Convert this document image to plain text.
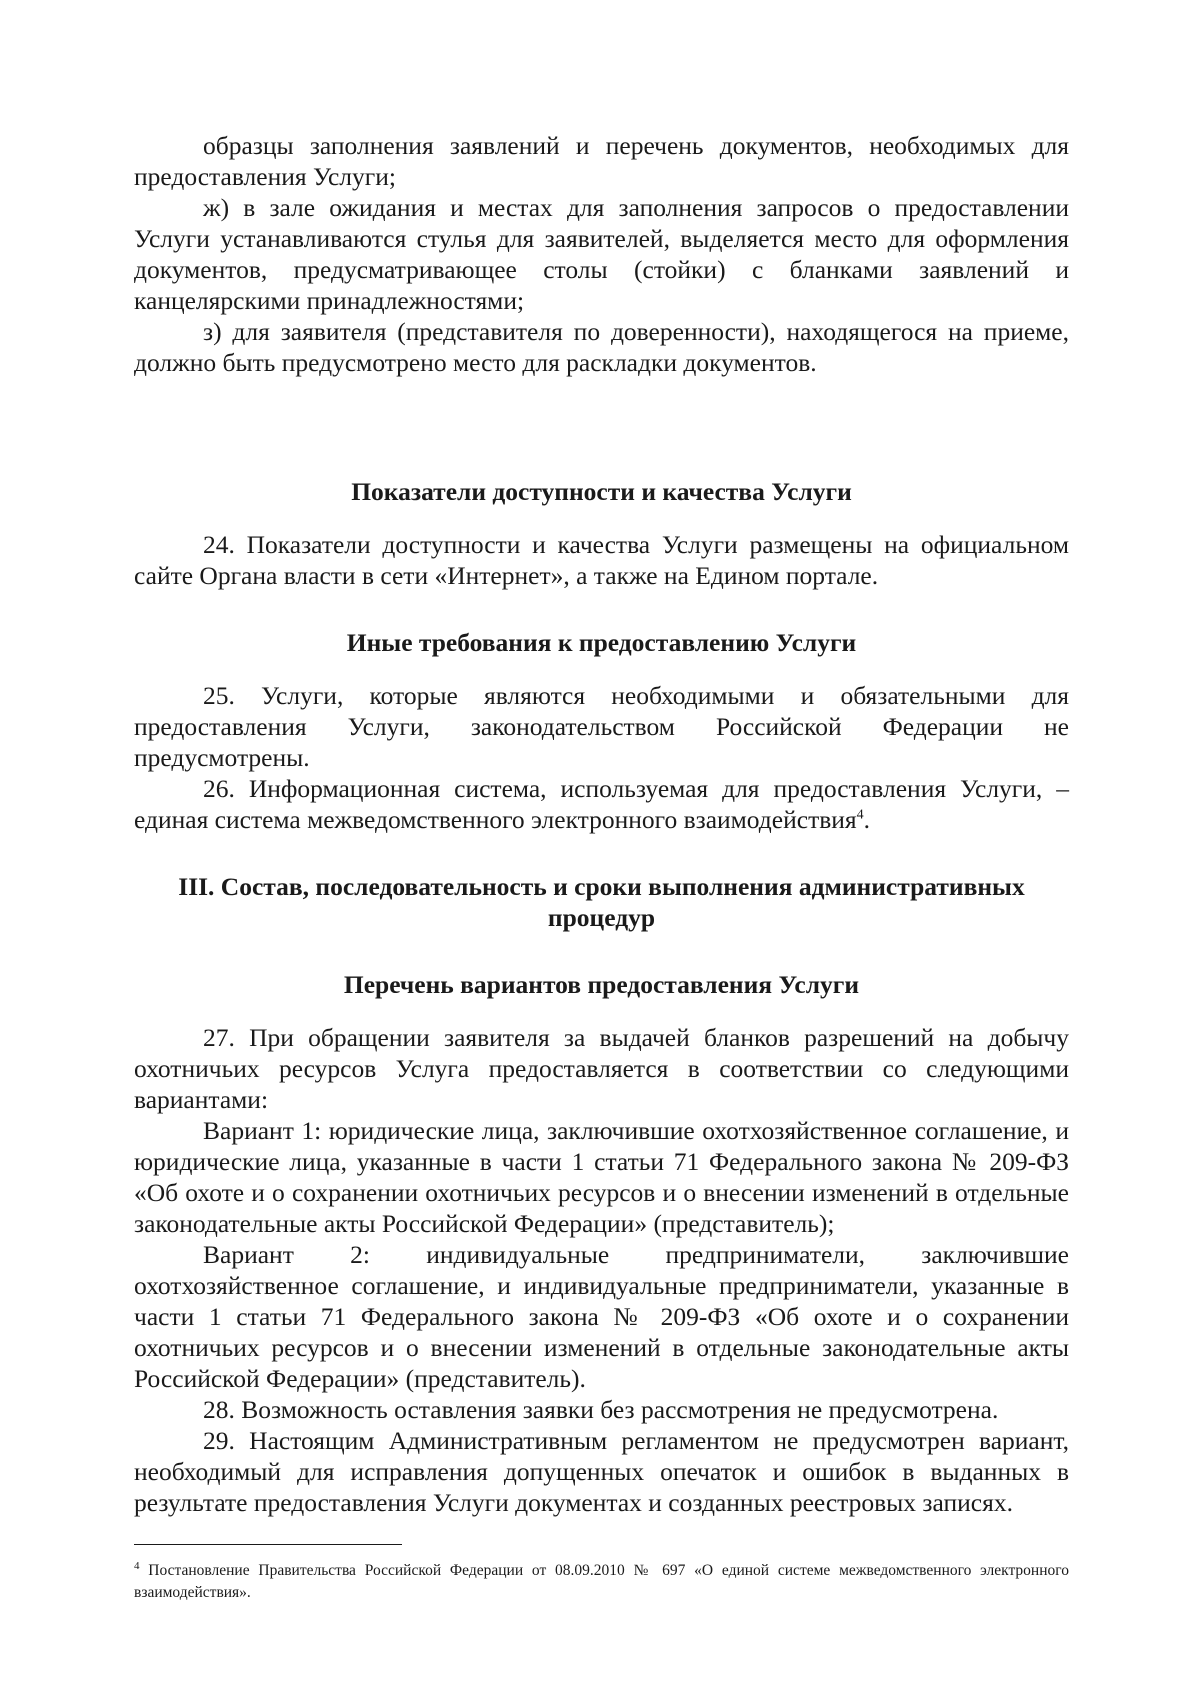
образцы заполнения заявлений и перечень документов, необходимых для предоставления Услуги;

ж) в зале ожидания и местах для заполнения запросов о предоставлении Услуги устанавливаются стулья для заявителей, выделяется место для оформления документов, предусматривающее столы (стойки) с бланками заявлений и канцелярскими принадлежностями;

з) для заявителя (представителя по доверенности), находящегося на приеме, должно быть предусмотрено место для раскладки документов.

Показатели доступности и качества Услуги

24. Показатели доступности и качества Услуги размещены на официальном сайте Органа власти в сети «Интернет», а также на Едином портале.

Иные требования к предоставлению Услуги

25. Услуги, которые являются необходимыми и обязательными для предоставления Услуги, законодательством Российской Федерации не предусмотрены.

26. Информационная система, используемая для предоставления Услуги, – единая система межведомственного электронного взаимодействия$^4$.

III. Состав, последовательность и сроки выполнения административных процедур
Перечень вариантов предоставления Услуги

27. При обращении заявителя за выдачей бланков разрешений на добычу охотничьих ресурсов Услуга предоставляется в соответствии со следующими вариантами:

Вариант 1: юридические лица, заключившие охотхозяйственное соглашение, и юридические лица, указанные в части 1 статьи 71 Федерального закона № 209-ФЗ «Об охоте и о сохранении охотничьих ресурсов и о внесении изменений в отдельные законодательные акты Российской Федерации» (представитель);

Вариант 2: индивидуальные предприниматели, заключившие охотхозяйственное соглашение, и индивидуальные предприниматели, указанные в части 1 статьи 71 Федерального закона № 209-ФЗ «Об охоте и о сохранении охотничьих ресурсов и о внесении изменений в отдельные законодательные акты Российской Федерации» (представитель).

28. Возможность оставления заявки без рассмотрения не предусмотрена.

29. Настоящим Административным регламентом не предусмотрен вариант, необходимый для исправления допущенных опечаток и ошибок в выданных в результате предоставления Услуги документах и созданных реестровых записях.

$^4$ Постановление Правительства Российской Федерации от 08.09.2010 № 697 «О единой системе межведомственного электронного взаимодействия».
